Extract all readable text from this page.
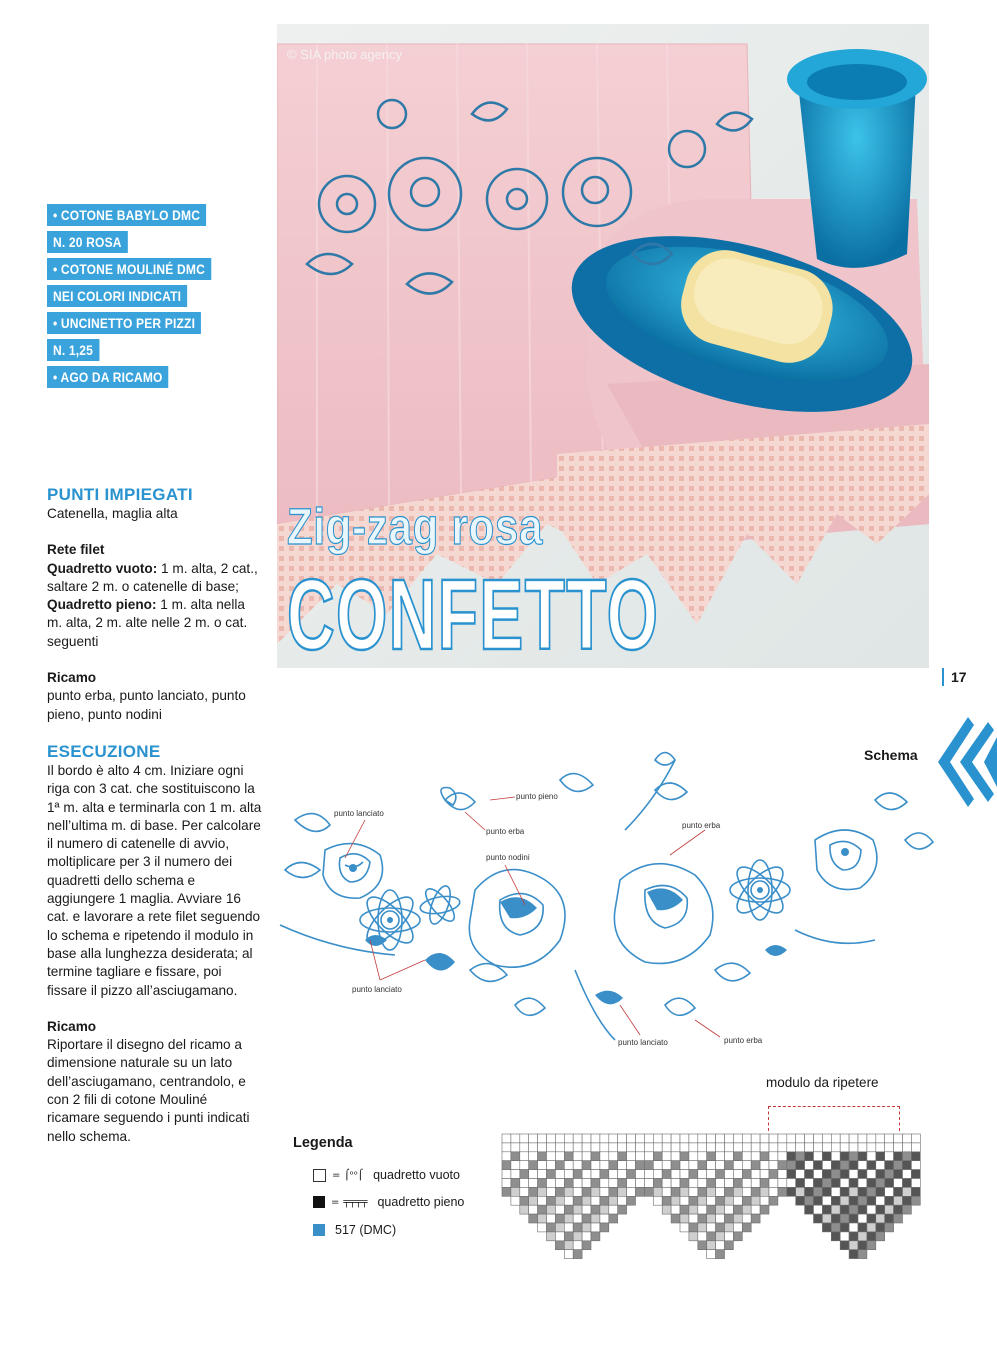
• COTONE BABYLO DMC
N. 20 ROSA
• COTONE MOULINÉ DMC
NEI COLORI INDICATI
• UNCINETTO PER PIZZI
N. 1,25
• AGO DA RICAMO
PUNTI IMPIEGATI
Catenella, maglia alta
Rete filet
Quadretto vuoto: 1 m. alta, 2 cat., saltare 2 m. o catenelle di base;
Quadretto pieno: 1 m. alta nella m. alta, 2 m. alte nelle 2 m. o cat. seguenti
Ricamo
punto erba, punto lanciato, punto pieno, punto nodini
ESECUZIONE
Il bordo è alto 4 cm. Iniziare ogni riga con 3 cat. che sostituiscono la 1ª m. alta e terminarla con 1 m. alta nell’ultima m. di base. Per calcolare il numero di catenelle di avvio, moltiplicare per 3 il numero dei quadretti dello schema e aggiungere 1 maglia. Avviare 16 cat. e lavorare a rete filet seguendo lo schema e ripetendo il modulo in base alla lunghezza desiderata; al termine tagliare e fissare, poi fissare il pizzo all’asciugamano.
Ricamo
Riportare il disegno del ricamo a dimensione naturale su un lato dell’asciugamano, centrandolo, e con 2 fili di cotone Mouliné ricamare seguendo i punti indicati nello schema.
© SIA photo agency
Zig-zag rosa
CONFETTO
17
Schema
punto lanciato
punto pieno
punto erba
punto nodini
punto erba
punto lanciato
punto lanciato	punto erba
modulo da ripetere
Legenda
= ⌠ᵒᵒ⌠ quadretto vuoto
= ╤╤╤╤ quadretto pieno
517 (DMC)
